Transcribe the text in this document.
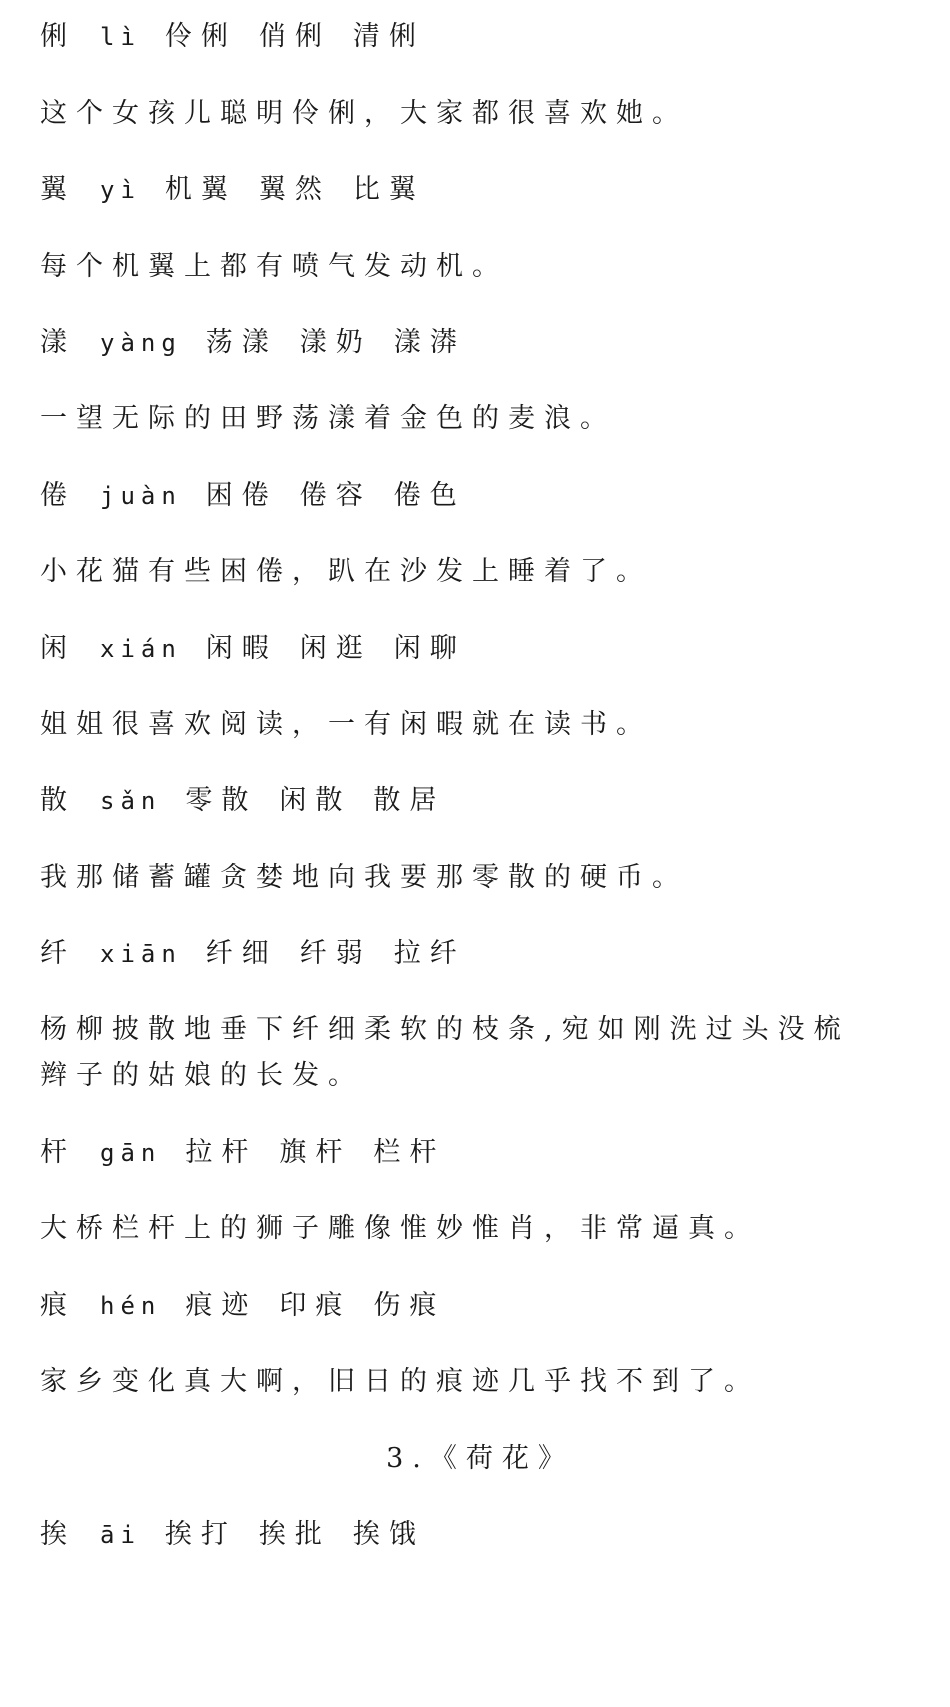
俐 lì 伶俐 俏俐 清俐
这个女孩儿聪明伶俐，大家都很喜欢她。
翼 yì 机翼 翼然 比翼
每个机翼上都有喷气发动机。
漾 yàng 荡漾 漾奶 漾漭
一望无际的田野荡漾着金色的麦浪。
倦 juàn 困倦 倦容 倦色
小花猫有些困倦，趴在沙发上睡着了。
闲 xián 闲暇 闲逛 闲聊
姐姐很喜欢阅读，一有闲暇就在读书。
散 sǎn 零散 闲散 散居
我那储蓄罐贪婪地向我要那零散的硬币。
纤 xiān 纤细 纤弱 拉纤
杨柳披散地垂下纤细柔软的枝条,宛如刚洗过头没梳辫子的姑娘的长发。
杆 gān 拉杆 旗杆 栏杆
大桥栏杆上的狮子雕像惟妙惟肖，非常逼真。
痕 hén 痕迹 印痕 伤痕
家乡变化真大啊，旧日的痕迹几乎找不到了。
3.《荷花》
挨 āi 挨打 挨批 挨饿
